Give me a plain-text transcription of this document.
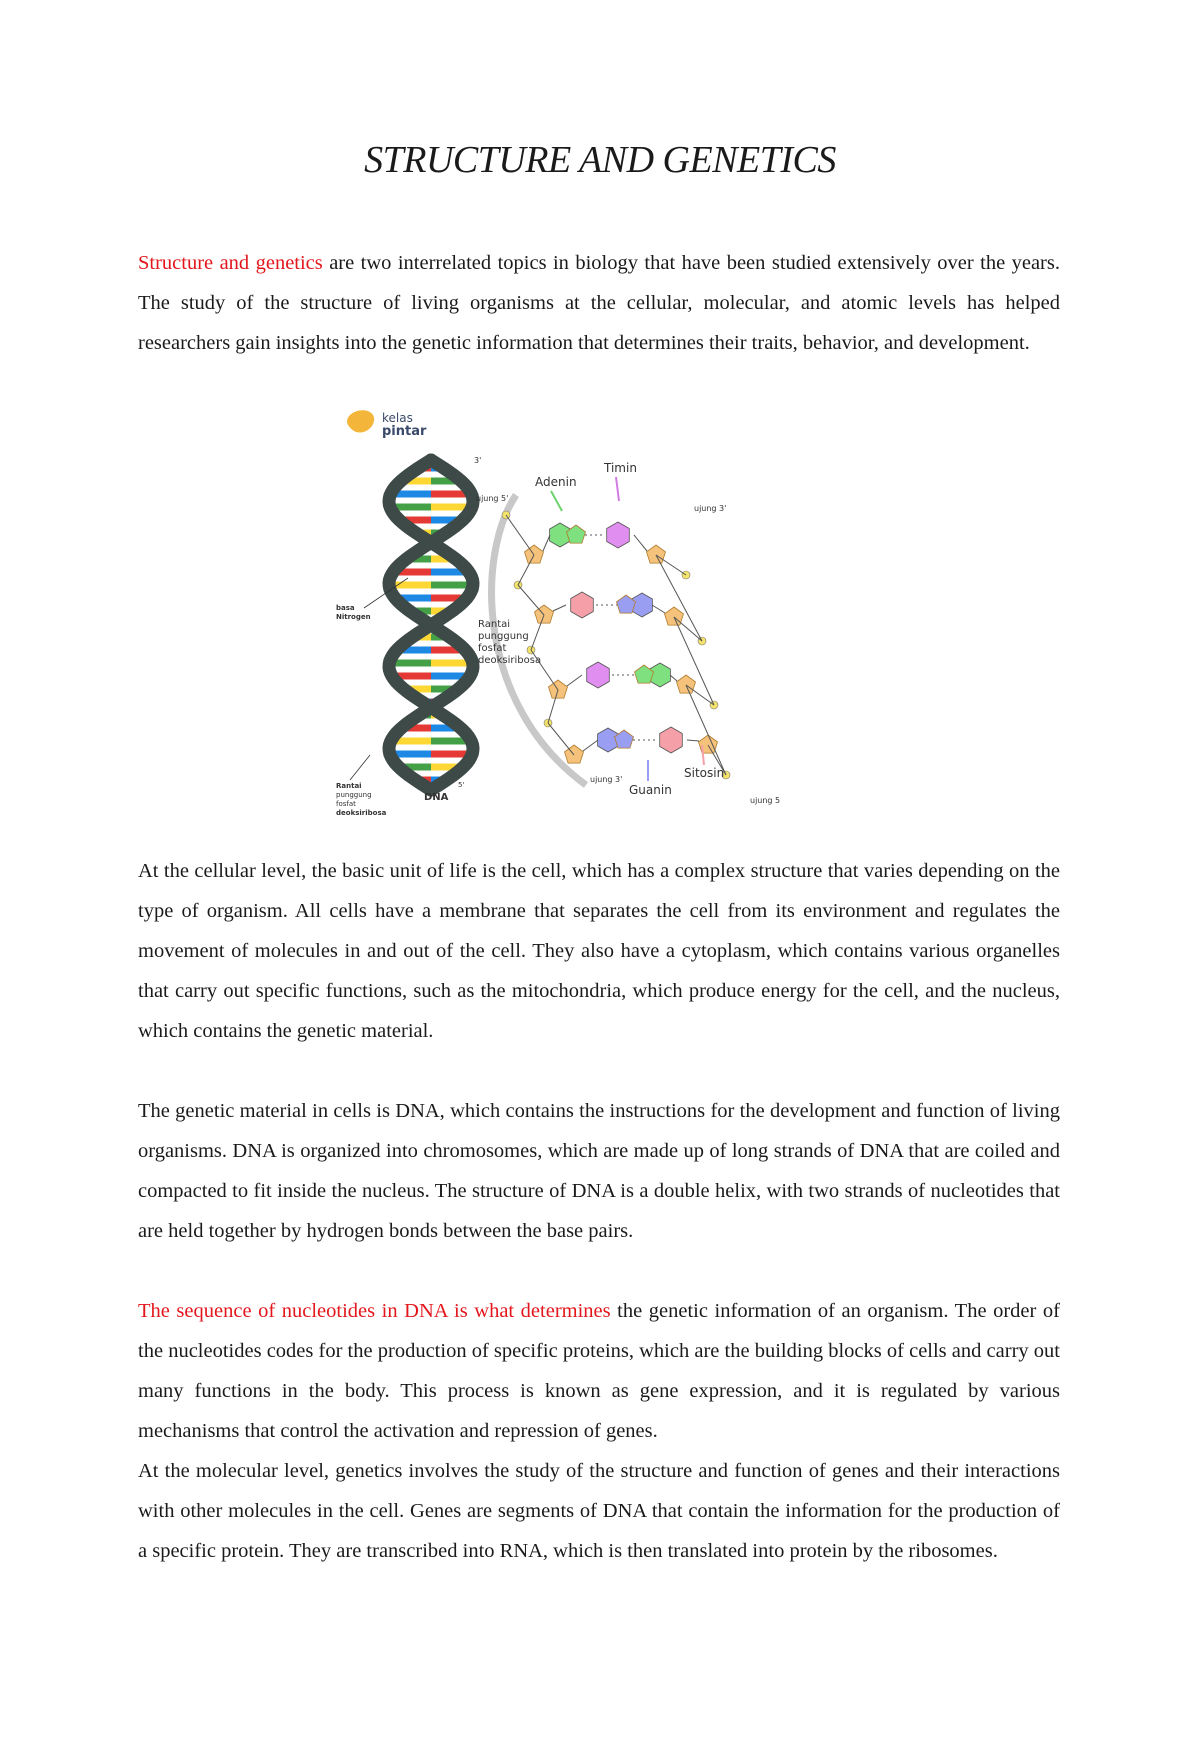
STRUCTURE AND GENETICS

Structure and genetics are two interrelated topics in biology that have been studied extensively over the years. The study of the structure of living organisms at the cellular, molecular, and atomic levels has helped researchers gain insights into the genetic information that determines their traits, behavior, and development.

kelas
pintar
3'
basa
Nitrogen
Rantai
punggung
fosfat
deoksiribosa
5'
DNA
Timin
Adenin
Guanin
Sitosin
ujung 5'
ujung 3'
ujung 3'
ujung 5
Rantai
punggung
fosfat
deoksiribosa

At the cellular level, the basic unit of life is the cell, which has a complex structure that varies depending on the type of organism. All cells have a membrane that separates the cell from its environment and regulates the movement of molecules in and out of the cell. They also have a cytoplasm, which contains various organelles that carry out specific functions, such as the mitochondria, which produce energy for the cell, and the nucleus, which contains the genetic material.

The genetic material in cells is DNA, which contains the instructions for the development and function of living organisms. DNA is organized into chromosomes, which are made up of long strands of DNA that are coiled and compacted to fit inside the nucleus. The structure of DNA is a double helix, with two strands of nucleotides that are held together by hydrogen bonds between the base pairs.

The sequence of nucleotides in DNA is what determines the genetic information of an organism. The order of the nucleotides codes for the production of specific proteins, which are the building blocks of cells and carry out many functions in the body. This process is known as gene expression, and it is regulated by various mechanisms that control the activation and repression of genes.

At the molecular level, genetics involves the study of the structure and function of genes and their interactions with other molecules in the cell. Genes are segments of DNA that contain the information for the production of a specific protein. They are transcribed into RNA, which is then translated into protein by the ribosomes.
